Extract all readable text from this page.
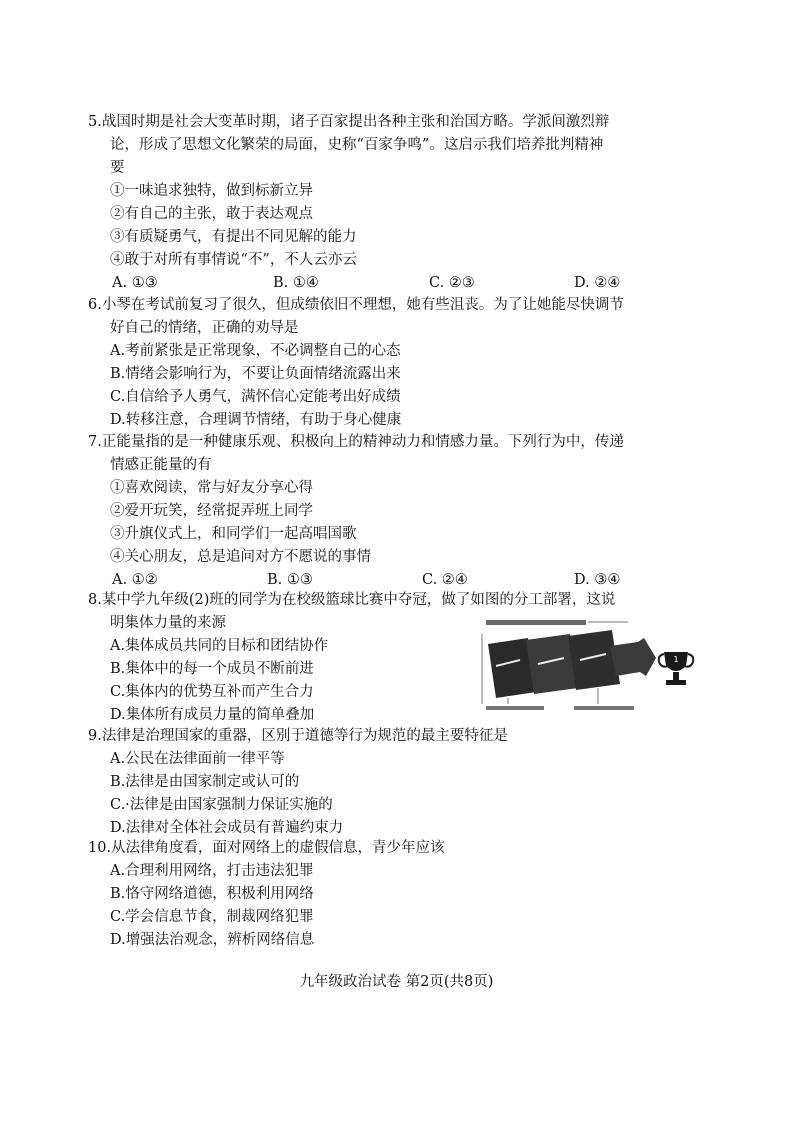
5.战国时期是社会大变革时期，诸子百家提出各种主张和治国方略。学派间激烈辩
论，形成了思想文化繁荣的局面，史称“百家争鸣”。这启示我们培养批判精神
要
①一味追求独特，做到标新立异
②有自己的主张，敢于表达观点
③有质疑勇气，有提出不同见解的能力
④敢于对所有事情说“不”，不人云亦云
A. ①③	B. ①④	C. ②③	D. ②④
6.小琴在考试前复习了很久，但成绩依旧不理想，她有些沮丧。为了让她能尽快调节
好自己的情绪，正确的劝导是
A.考前紧张是正常现象，不必调整自己的心态
B.情绪会影响行为，不要让负面情绪流露出来
C.自信给予人勇气，满怀信心定能考出好成绩
D.转移注意，合理调节情绪，有助于身心健康
7.正能量指的是一种健康乐观、积极向上的精神动力和情感力量。下列行为中，传递
情感正能量的有
①喜欢阅读，常与好友分享心得
②爱开玩笑，经常捉弄班上同学
③升旗仪式上，和同学们一起高唱国歌
④关心朋友，总是追问对方不愿说的事情
A. ①②	B. ①③	C. ②④	D. ③④
8.某中学九年级(2)班的同学为在校级篮球比赛中夺冠，做了如图的分工部署，这说
明集体力量的来源
A.集体成员共同的目标和团结协作
B.集体中的每一个成员不断前进
C.集体内的优势互补而产生合力
D.集体所有成员力量的简单叠加
1
9.法律是治理国家的重器，区别于道德等行为规范的最主要特征是
A.公民在法律面前一律平等
B.法律是由国家制定或认可的
C.·法律是由国家强制力保证实施的
D.法律对全体社会成员有普遍约束力
10.从法律角度看，面对网络上的虚假信息，青少年应该
A.合理利用网络，打击违法犯罪
B.恪守网络道德，积极利用网络
C.学会信息节食，制裁网络犯罪
D.增强法治观念，辨析网络信息
九年级政治试卷 第2页(共8页)
